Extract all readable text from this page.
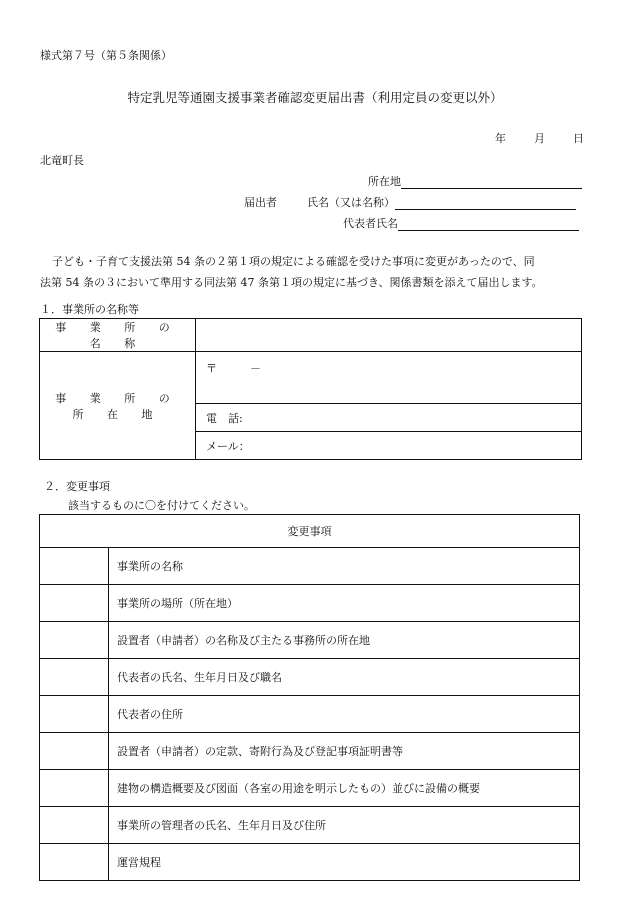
様式第７号（第５条関係）
特定乳児等通園支援事業者確認変更届出書（利用定員の変更以外）
年	月	日
北竜町長
所在地
届出者	氏名（又は名称）
代表者氏名
子ども・子育て支援法第 54 条の２第１項の規定による確認を受けた事項に変更があったので、同
法第 54 条の３において準用する同法第 47 条第１項の規定に基づき、関係書類を添えて届出します。
１．事業所の名称等
事 業 所 の 名 称	
事 業 所 の 所 在 地	〒　　　－
	電　話:
	メール：
２．変更事項
該当するものに〇を付けてください。
変更事項	
	事業所の名称
	事業所の場所（所在地）
	設置者（申請者）の名称及び主たる事務所の所在地
	代表者の氏名、生年月日及び職名
	代表者の住所
	設置者（申請者）の定款、寄附行為及び登記事項証明書等
	建物の構造概要及び図面（各室の用途を明示したもの）並びに設備の概要
	事業所の管理者の氏名、生年月日及び住所
	運営規程
